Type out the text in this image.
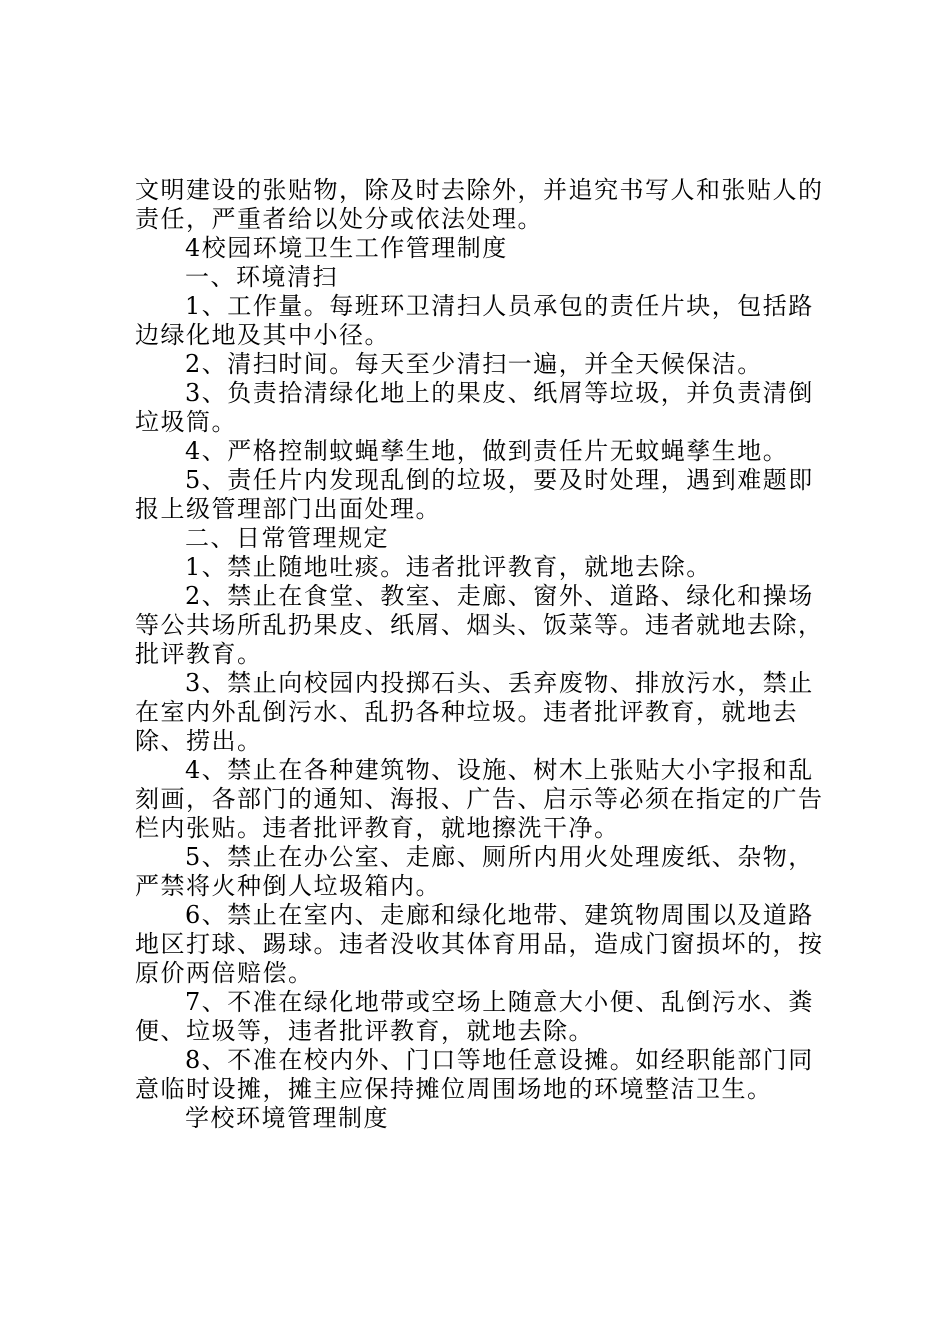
文明建设的张贴物，除及时去除外，并追究书写人和张贴人的责任，严重者给以处分或依法处理。

4校园环境卫生工作管理制度

一、环境清扫

1、工作量。每班环卫清扫人员承包的责任片块，包括路边绿化地及其中小径。

2、清扫时间。每天至少清扫一遍，并全天候保洁。

3、负责拾清绿化地上的果皮、纸屑等垃圾，并负责清倒垃圾筒。

4、严格控制蚊蝇孳生地，做到责任片无蚊蝇孳生地。

5、责任片内发现乱倒的垃圾，要及时处理，遇到难题即报上级管理部门出面处理。

二、日常管理规定

1、禁止随地吐痰。违者批评教育，就地去除。

2、禁止在食堂、教室、走廊、窗外、道路、绿化和操场等公共场所乱扔果皮、纸屑、烟头、饭菜等。违者就地去除，批评教育。

3、禁止向校园内投掷石头、丢弃废物、排放污水，禁止在室内外乱倒污水、乱扔各种垃圾。违者批评教育，就地去除、捞出。

4、禁止在各种建筑物、设施、树木上张贴大小字报和乱刻画，各部门的通知、海报、广告、启示等必须在指定的广告栏内张贴。违者批评教育，就地擦洗干净。

5、禁止在办公室、走廊、厕所内用火处理废纸、杂物，严禁将火种倒人垃圾箱内。

6、禁止在室内、走廊和绿化地带、建筑物周围以及道路地区打球、踢球。违者没收其体育用品，造成门窗损坏的，按原价两倍赔偿。

7、不准在绿化地带或空场上随意大小便、乱倒污水、粪便、垃圾等，违者批评教育，就地去除。

8、不准在校内外、门口等地任意设摊。如经职能部门同意临时设摊，摊主应保持摊位周围场地的环境整洁卫生。

学校环境管理制度
